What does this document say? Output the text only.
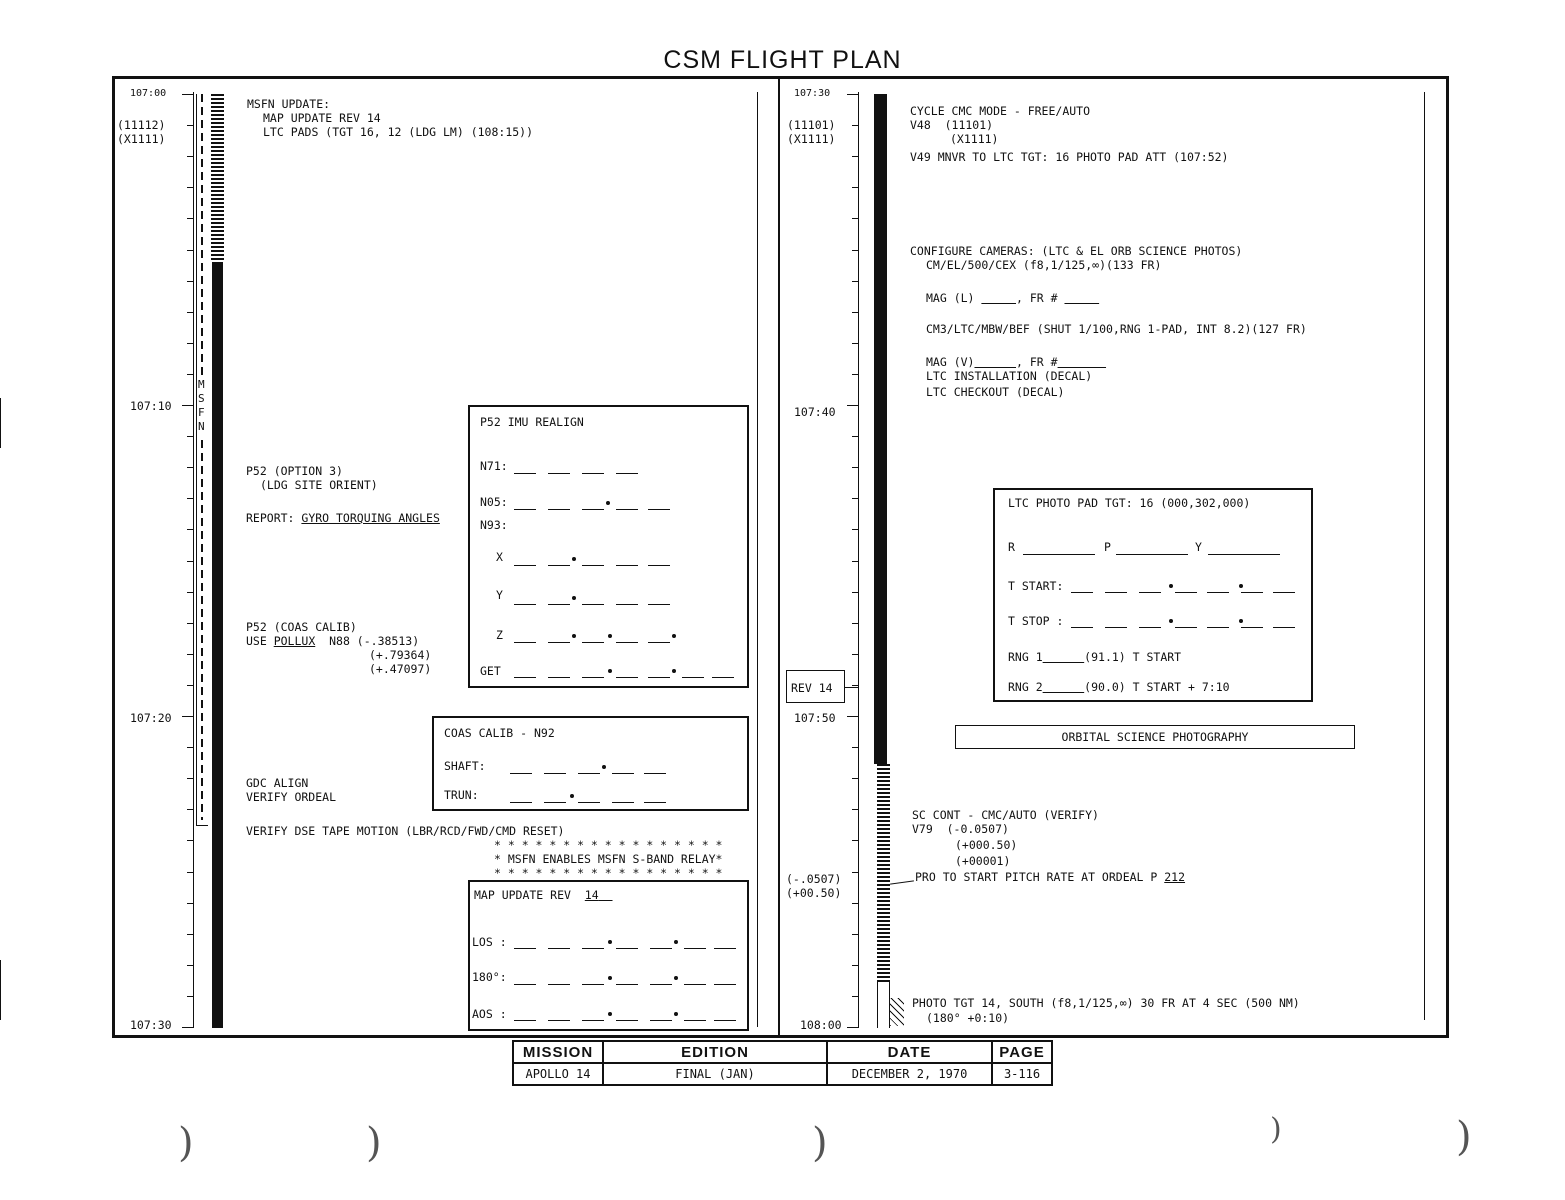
CSM FLIGHT PLAN
107:00
107:10
107:20
107:30
(11112)
(X1111)
M
S
F
N
MSFN UPDATE:
MAP UPDATE REV 14
LTC PADS (TGT 16, 12 (LDG LM) (108:15))
P52 (OPTION 3)
(LDG SITE ORIENT)
REPORT: GYRO TORQUING ANGLES
P52 (COAS CALIB)
USE POLLUX N88 (-.38513)
(+.79364)
(+.47097)
GDC ALIGN
VERIFY ORDEAL
VERIFY DSE TAPE MOTION (LBR/RCD/FWD/CMD RESET)
* * * * * * * * * * * * * * * * *
* MSFN ENABLES MSFN S-BAND RELAY*
* * * * * * * * * * * * * * * * *
P52 IMU REALIGN
N71:
N05:
N93:
X
Y
Z
GET
COAS CALIB - N92
SHAFT:
TRUN:
MAP UPDATE REV 14
LOS :
180°:
AOS :
107:30
107:40
107:50
108:00
(11101)
(X1111)
(-.0507)
(+00.50)
REV 14
CYCLE CMC MODE - FREE/AUTO
V48  (11101)
(X1111)
V49 MNVR TO LTC TGT: 16 PHOTO PAD ATT (107:52)
CONFIGURE CAMERAS: (LTC & EL ORB SCIENCE PHOTOS)
CM/EL/500/CEX (f8,1/125,∞)(133 FR)
MAG (L)	, FR #
CM3/LTC/MBW/BEF (SHUT 1/100,RNG 1-PAD, INT 8.2)(127 FR)
MAG (V)	, FR #
LTC INSTALLATION (DECAL)
LTC CHECKOUT (DECAL)
LTC PHOTO PAD TGT: 16 (000,302,000)
R	P	Y
T START:
T STOP :
RNG 1	(91.1) T START
RNG 2	(90.0) T START + 7:10
ORBITAL SCIENCE PHOTOGRAPHY
SC CONT - CMC/AUTO (VERIFY)
V79  (-0.0507)
(+000.50)
(+00001)
PRO TO START PITCH RATE AT ORDEAL P 212
PHOTO TGT 14, SOUTH (f8,1/125,∞) 30 FR AT 4 SEC (500 NM)
(180° +0:10)
MISSION	EDITION	DATE	PAGE
APOLLO 14	FINAL (JAN)	DECEMBER 2, 1970	3-116
)	)	)	)	)
